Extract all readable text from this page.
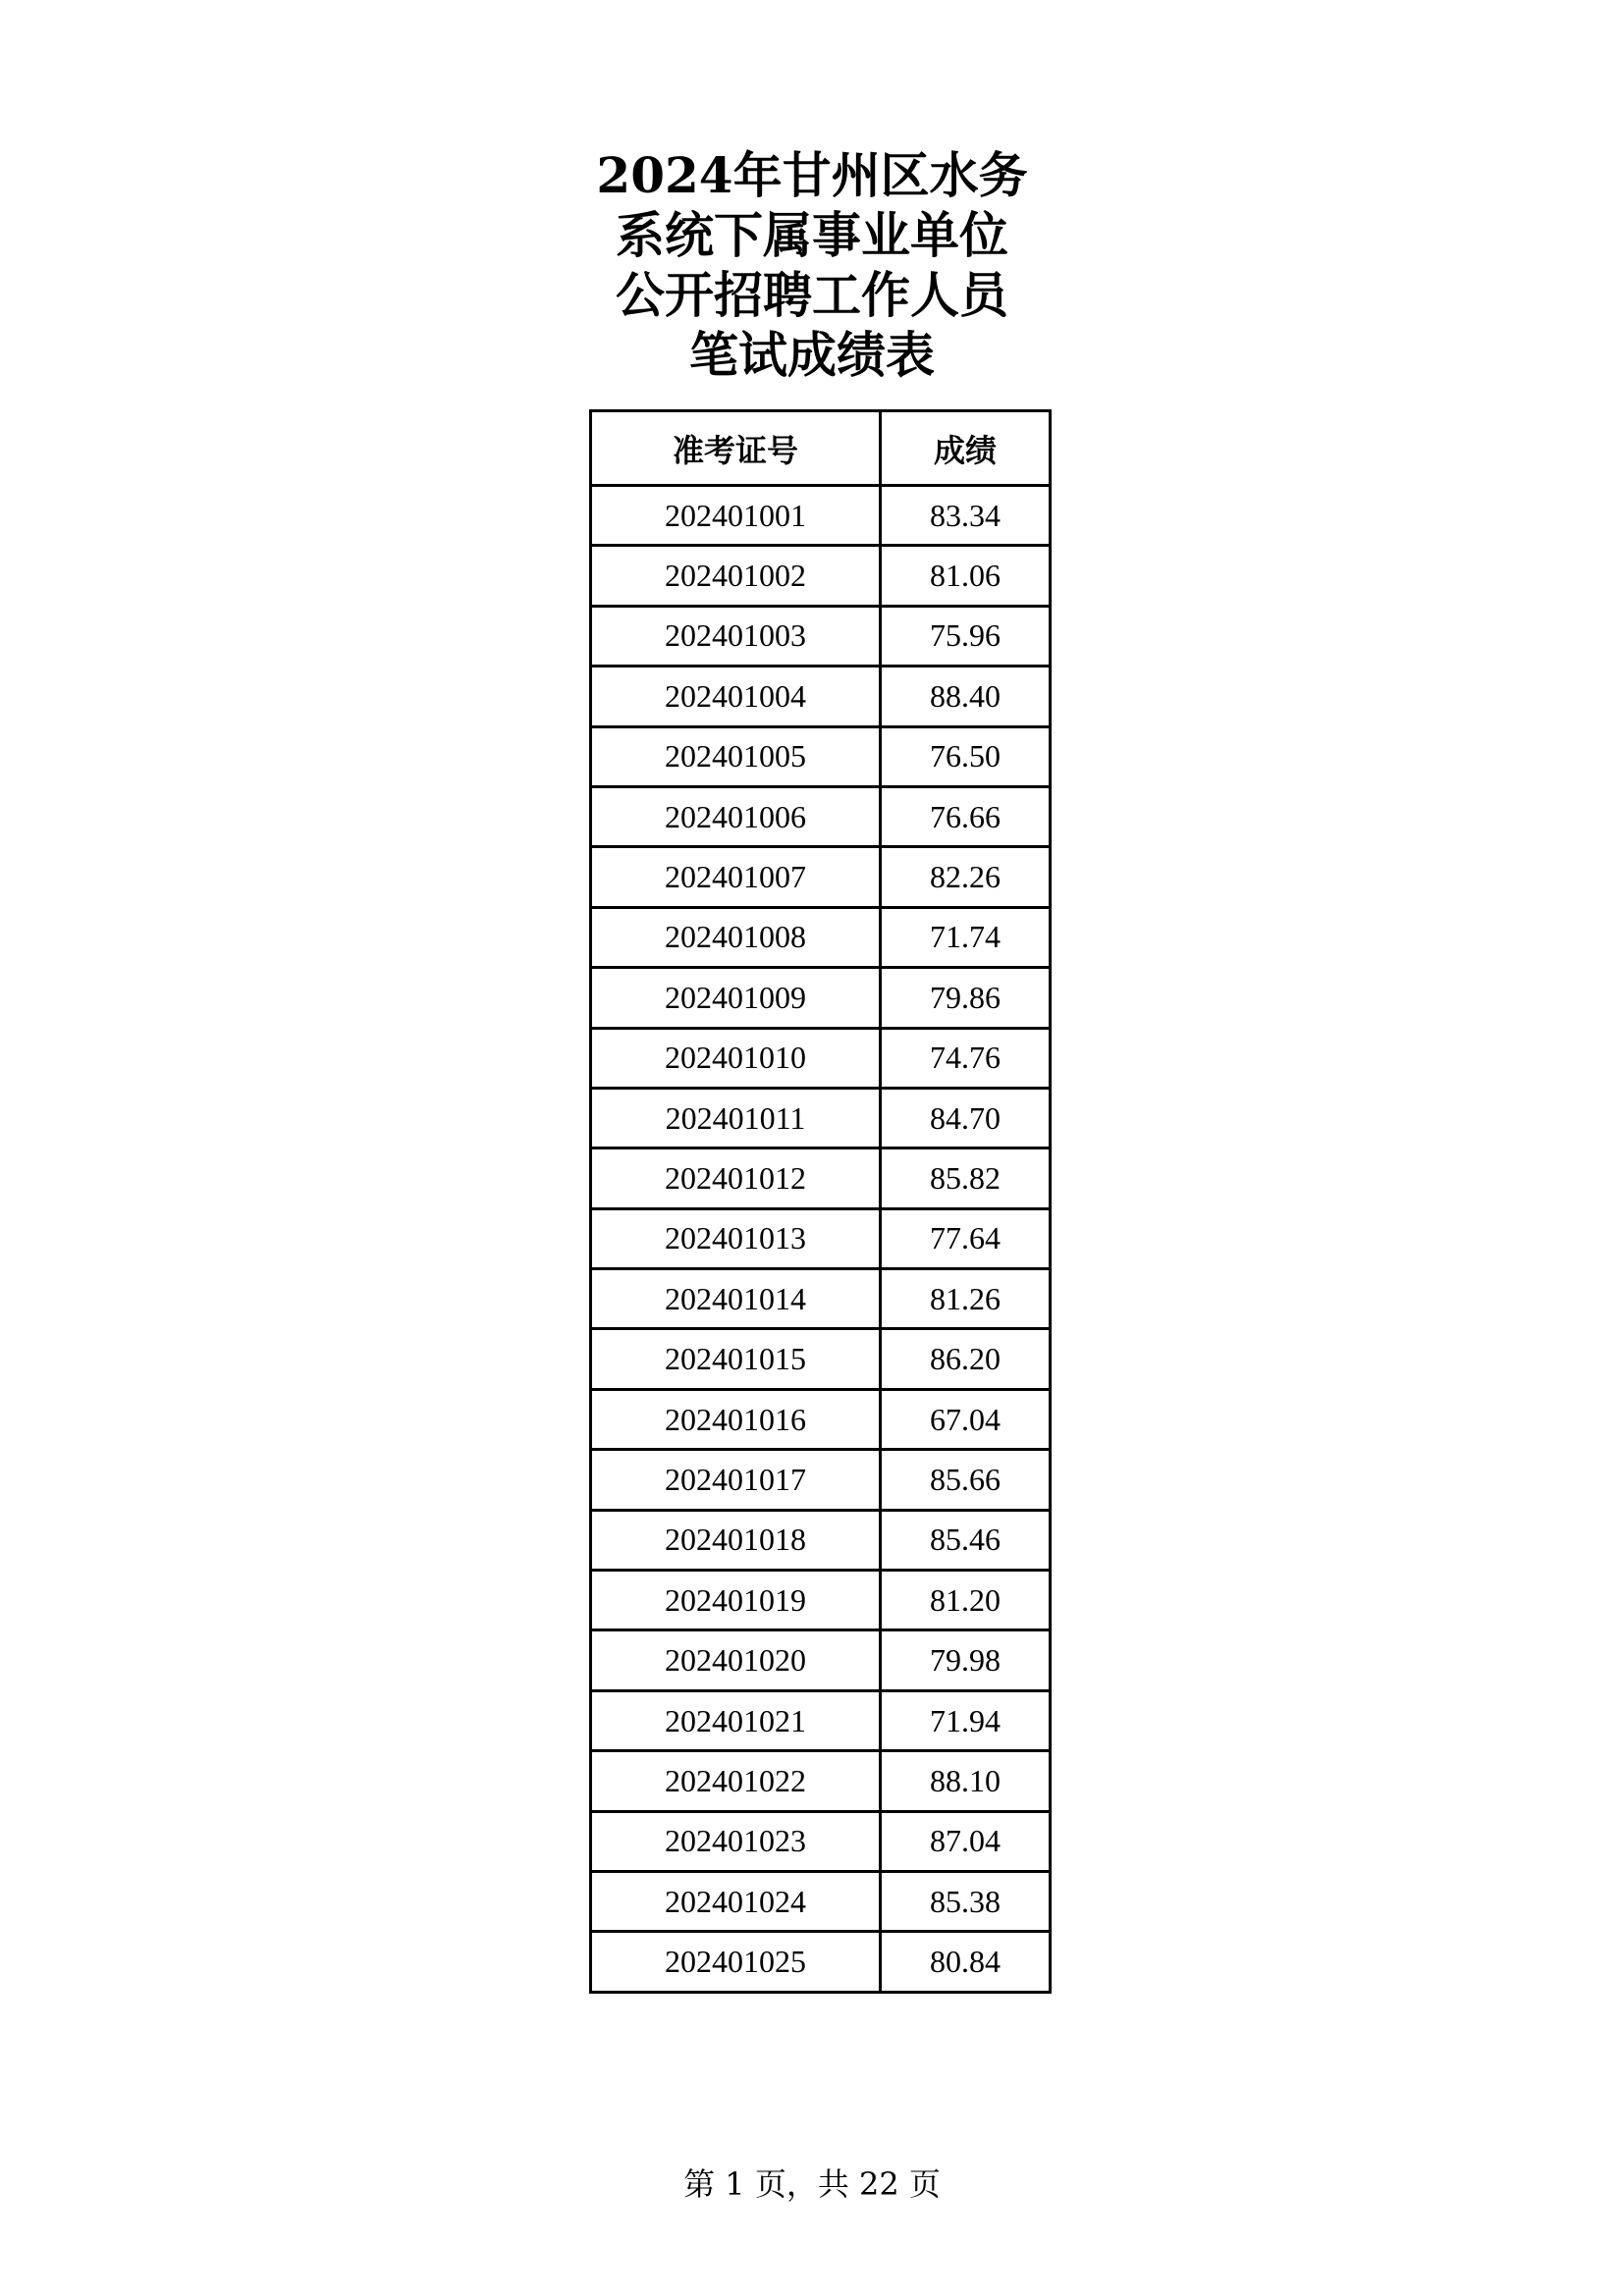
2024年甘州区水务
系统下属事业单位
公开招聘工作人员
笔试成绩表
准考证号	成绩
202401001	83.34
202401002	81.06
202401003	75.96
202401004	88.40
202401005	76.50
202401006	76.66
202401007	82.26
202401008	71.74
202401009	79.86
202401010	74.76
202401011	84.70
202401012	85.82
202401013	77.64
202401014	81.26
202401015	86.20
202401016	67.04
202401017	85.66
202401018	85.46
202401019	81.20
202401020	79.98
202401021	71.94
202401022	88.10
202401023	87.04
202401024	85.38
202401025	80.84
第 1 页，共 22 页
